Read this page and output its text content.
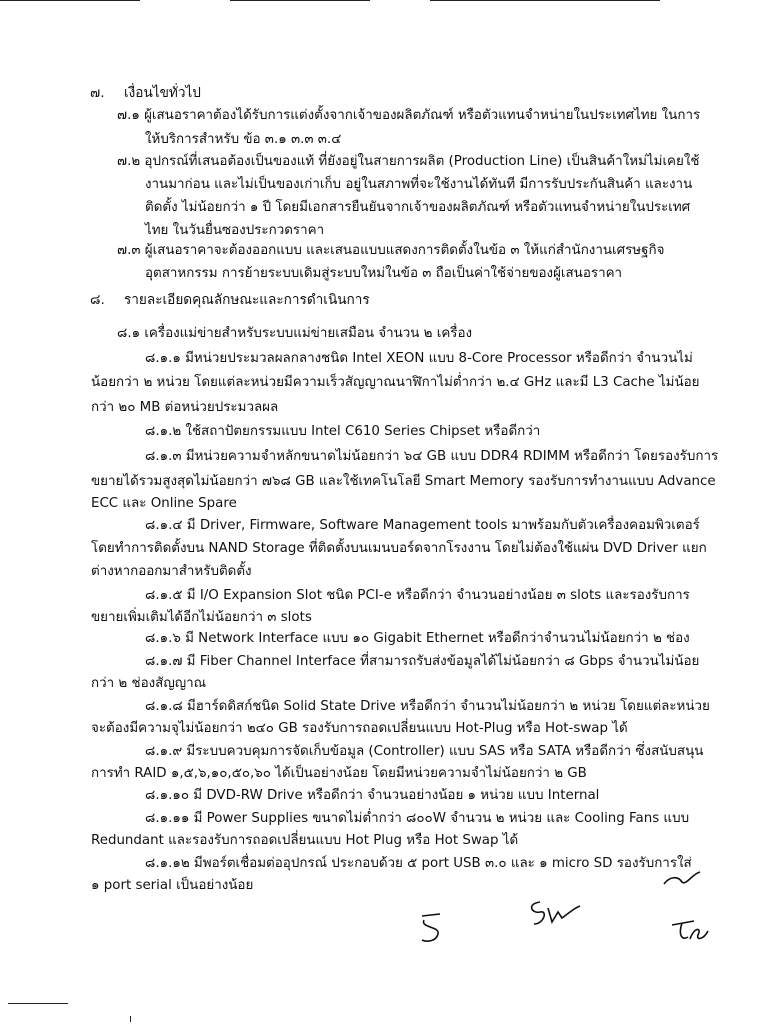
๗. เงื่อนไขทั่วไป
๗.๑ ผู้เสนอราคาต้องได้รับการแต่งตั้งจากเจ้าของผลิตภัณฑ์ หรือตัวแทนจำหน่ายในประเทศไทย ในการ
ให้บริการสำหรับ ข้อ ๓.๑ ๓.๓ ๓.๔
๗.๒ อุปกรณ์ที่เสนอต้องเป็นของแท้ ที่ยังอยู่ในสายการผลิต (Production Line) เป็นสินค้าใหม่ไม่เคยใช้
งานมาก่อน และไม่เป็นของเก่าเก็บ อยู่ในสภาพที่จะใช้งานได้ทันที มีการรับประกันสินค้า และงาน
ติดตั้ง ไม่น้อยกว่า ๑ ปี โดยมีเอกสารยืนยันจากเจ้าของผลิตภัณฑ์ หรือตัวแทนจำหน่ายในประเทศ
ไทย ในวันยื่นซองประกวดราคา
๗.๓ ผู้เสนอราคาจะต้องออกแบบ และเสนอแบบแสดงการติดตั้งในข้อ ๓ ให้แก่สำนักงานเศรษฐกิจ
อุตสาหกรรม การย้ายระบบเดิมสู่ระบบใหม่ในข้อ ๓ ถือเป็นค่าใช้จ่ายของผู้เสนอราคา
๘. รายละเอียดคุณลักษณะและการดำเนินการ
๘.๑ เครื่องแม่ข่ายสำหรับระบบแม่ข่ายเสมือน จำนวน ๒ เครื่อง
๘.๑.๑ มีหน่วยประมวลผลกลางชนิด Intel XEON แบบ 8-Core Processor หรือดีกว่า จำนวนไม่
น้อยกว่า ๒ หน่วย โดยแต่ละหน่วยมีความเร็วสัญญาณนาฬิกาไม่ต่ำกว่า ๒.๔ GHz และมี L3 Cache ไม่น้อย
กว่า ๒๐ MB ต่อหน่วยประมวลผล
๘.๑.๒ ใช้สถาปัตยกรรมแบบ Intel C610 Series Chipset หรือดีกว่า
๘.๑.๓ มีหน่วยความจำหลักขนาดไม่น้อยกว่า ๖๔ GB แบบ DDR4 RDIMM หรือดีกว่า โดยรองรับการ
ขยายได้รวมสูงสุดไม่น้อยกว่า ๗๖๘ GB และใช้เทคโนโลยี Smart Memory รองรับการทำงานแบบ Advance
ECC และ Online Spare
๘.๑.๔ มี Driver, Firmware, Software Management tools มาพร้อมกับตัวเครื่องคอมพิวเตอร์
โดยทำการติดตั้งบน NAND Storage ที่ติดตั้งบนเมนบอร์ดจากโรงงาน โดยไม่ต้องใช้แผ่น DVD Driver แยก
ต่างหากออกมาสำหรับติดตั้ง
๘.๑.๕ มี I/O Expansion Slot ชนิด PCI-e หรือดีกว่า จำนวนอย่างน้อย ๓ slots และรองรับการ
ขยายเพิ่มเติมได้อีกไม่น้อยกว่า ๓ slots
๘.๑.๖ มี Network Interface แบบ ๑๐ Gigabit Ethernet หรือดีกว่าจำนวนไม่น้อยกว่า ๒ ช่อง
๘.๑.๗ มี Fiber Channel Interface ที่สามารถรับส่งข้อมูลได้ไม่น้อยกว่า ๘ Gbps จำนวนไม่น้อย
กว่า ๒ ช่องสัญญาณ
๘.๑.๘ มีฮาร์ดดิสก์ชนิด Solid State Drive หรือดีกว่า จำนวนไม่น้อยกว่า ๒ หน่วย โดยแต่ละหน่วย
จะต้องมีความจุไม่น้อยกว่า ๒๔๐ GB รองรับการถอดเปลี่ยนแบบ Hot-Plug หรือ Hot-swap ได้
๘.๑.๙ มีระบบควบคุมการจัดเก็บข้อมูล (Controller) แบบ SAS หรือ SATA หรือดีกว่า ซึ่งสนับสนุน
การทำ RAID ๑,๕,๖,๑๐,๕๐,๖๐ ได้เป็นอย่างน้อย โดยมีหน่วยความจำไม่น้อยกว่า ๒ GB
๘.๑.๑๐ มี DVD-RW Drive หรือดีกว่า จำนวนอย่างน้อย ๑ หน่วย แบบ Internal
๘.๑.๑๑ มี Power Supplies ขนาดไม่ต่ำกว่า ๘๐๐W จำนวน ๒ หน่วย และ Cooling Fans แบบ
Redundant และรองรับการถอดเปลี่ยนแบบ Hot Plug หรือ Hot Swap ได้
๘.๑.๑๒ มีพอร์ตเชื่อมต่ออุปกรณ์ ประกอบด้วย ๕ port USB ๓.๐ และ ๑ micro SD รองรับการใส่
๑ port serial เป็นอย่างน้อย
